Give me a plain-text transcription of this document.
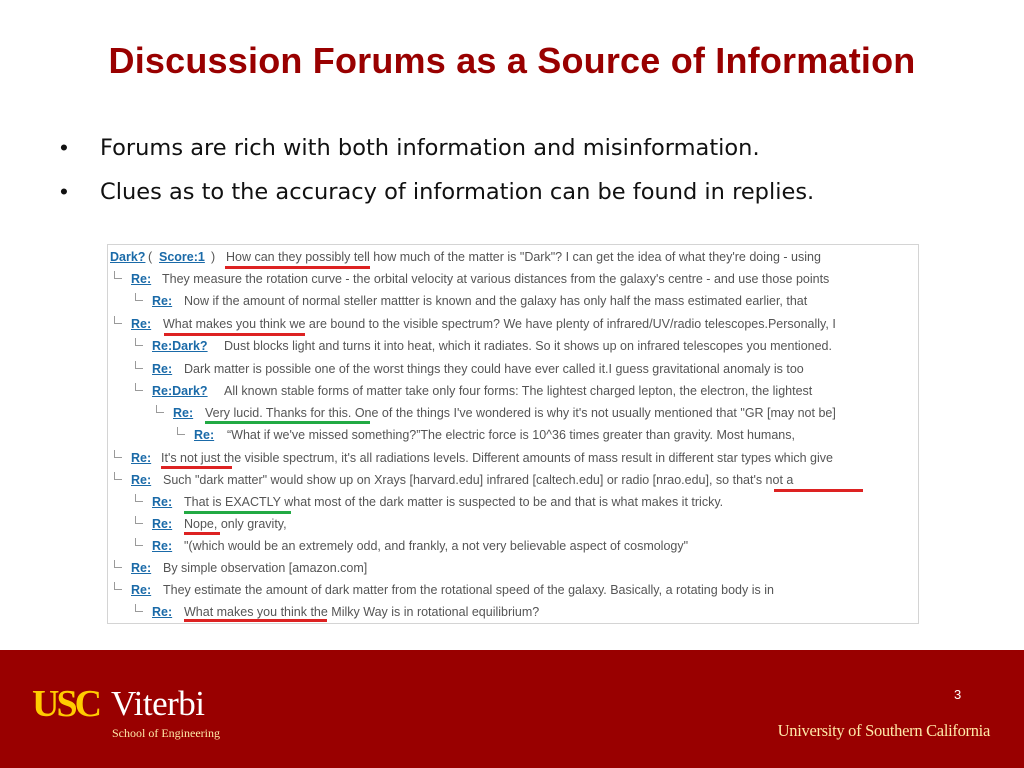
Discussion Forums as a Source of Information
• Forums are rich with both information and misinformation.
• Clues as to the accuracy of information can be found in replies.
Dark? ( Score:1 ) How can they possibly tell how much of the matter is "Dark"? I can get the idea of what they're doing - using
Re: They measure the rotation curve - the orbital velocity at various distances from the galaxy's centre - and use those points
Re: Now if the amount of normal steller mattter is known and the galaxy has only half the mass estimated earlier, that
Re: What makes you think we are bound to the visible spectrum? We have plenty of infrared/UV/radio telescopes.Personally, I
Re:Dark? Dust blocks light and turns it into heat, which it radiates. So it shows up on infrared telescopes you mentioned.
Re: Dark matter is possible one of the worst things they could have ever called it.I guess gravitational anomaly is too
Re:Dark? All known stable forms of matter take only four forms: The lightest charged lepton, the electron, the lightest
Re: Very lucid. Thanks for this. One of the things I've wondered is why it's not usually mentioned that "GR [may not be]
Re: “What if we've missed something?”The electric force is 10^36 times greater than gravity. Most humans,
Re: It's not just the visible spectrum, it's all radiations levels. Different amounts of mass result in different star types which give
Re: Such "dark matter" would show up on Xrays [harvard.edu] infrared [caltech.edu] or radio [nrao.edu], so that's not a
Re: That is EXACTLY what most of the dark matter is suspected to be and that is what makes it tricky.
Re: Nope, only gravity,
Re: "(which would be an extremely odd, and frankly, a not very believable aspect of cosmology"
Re: By simple observation [amazon.com]
Re: They estimate the amount of dark matter from the rotational speed of the galaxy. Basically, a rotating body is in
Re: What makes you think the Milky Way is in rotational equilibrium?
USC Viterbi
School of Engineering	University of Southern California
3
